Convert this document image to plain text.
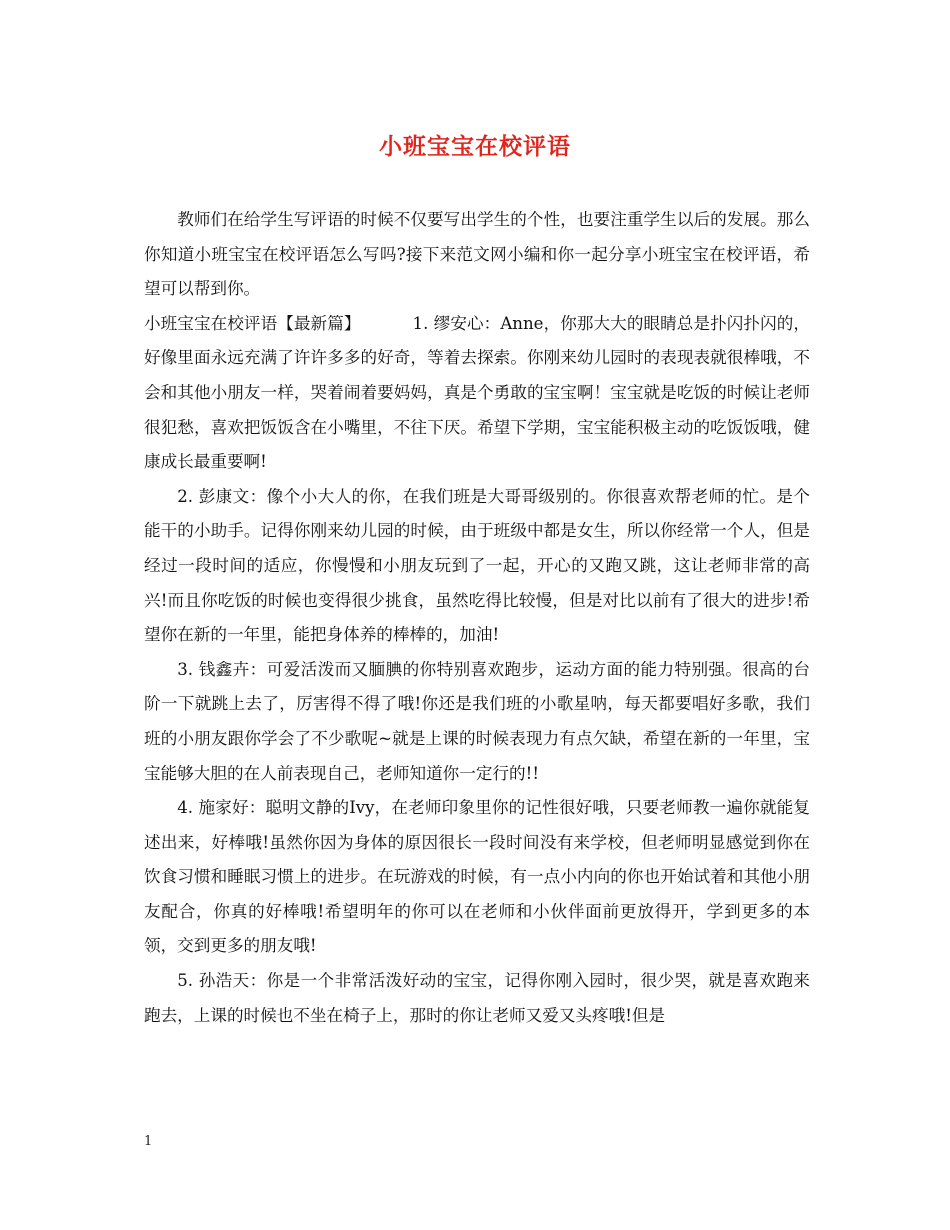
小班宝宝在校评语

教师们在给学生写评语的时候不仅要写出学生的个性，也要注重学生以后的发展。那么你知道小班宝宝在校评语怎么写吗?接下来范文网小编和你一起分享小班宝宝在校评语，希望可以帮到你。

小班宝宝在校评语【最新篇】	1. 缪安心：Anne，你那大大的眼睛总是扑闪扑闪的，好像里面永远充满了许许多多的好奇，等着去探索。你刚来幼儿园时的表现表就很棒哦，不会和其他小朋友一样，哭着闹着要妈妈，真是个勇敢的宝宝啊！宝宝就是吃饭的时候让老师很犯愁，喜欢把饭饭含在小嘴里，不往下厌。希望下学期，宝宝能积极主动的吃饭饭哦，健康成长最重要啊!

2. 彭康文：像个小大人的你，在我们班是大哥哥级别的。你很喜欢帮老师的忙。是个能干的小助手。记得你刚来幼儿园的时候，由于班级中都是女生，所以你经常一个人，但是经过一段时间的适应，你慢慢和小朋友玩到了一起，开心的又跑又跳，这让老师非常的高兴!而且你吃饭的时候也变得很少挑食，虽然吃得比较慢，但是对比以前有了很大的进步!希望你在新的一年里，能把身体养的棒棒的，加油!

3. 钱鑫卉：可爱活泼而又腼腆的你特别喜欢跑步，运动方面的能力特别强。很高的台阶一下就跳上去了，厉害得不得了哦!你还是我们班的小歌星呐，每天都要唱好多歌，我们班的小朋友跟你学会了不少歌呢~就是上课的时候表现力有点欠缺，希望在新的一年里，宝宝能够大胆的在人前表现自己，老师知道你一定行的!!

4. 施家好：聪明文静的Ivy，在老师印象里你的记性很好哦，只要老师教一遍你就能复述出来，好棒哦!虽然你因为身体的原因很长一段时间没有来学校，但老师明显感觉到你在饮食习惯和睡眠习惯上的进步。在玩游戏的时候，有一点小内向的你也开始试着和其他小朋友配合，你真的好棒哦!希望明年的你可以在老师和小伙伴面前更放得开，学到更多的本领，交到更多的朋友哦!

5. 孙浩天：你是一个非常活泼好动的宝宝，记得你刚入园时，很少哭，就是喜欢跑来跑去，上课的时候也不坐在椅子上，那时的你让老师又爱又头疼哦!但是

1
